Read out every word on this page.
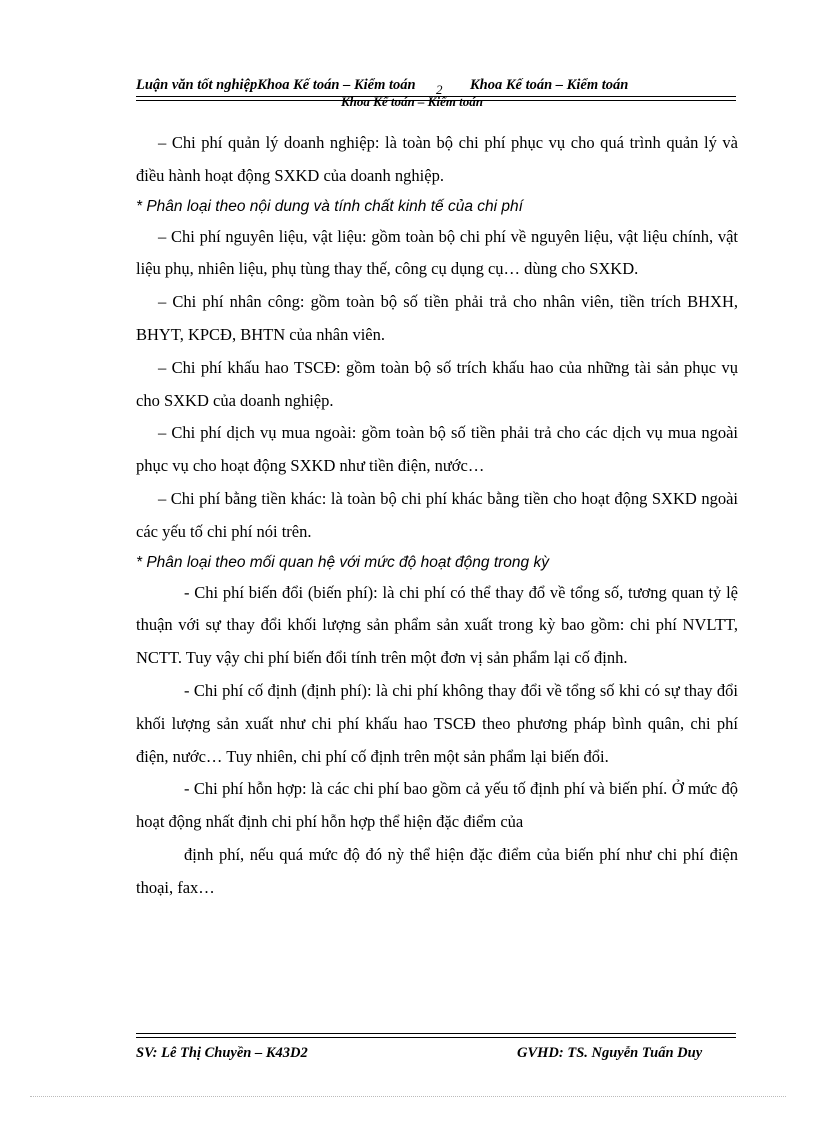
Luận văn tốt nghiệpKhoa Kế toán – Kiểm toán	Khoa Kế toán – Kiểm toán
2
Khoa Kế toán – Kiểm toán

– Chi phí quản lý doanh nghiệp: là toàn bộ chi phí phục vụ cho quá trình quản lý và điều hành hoạt động SXKD của doanh nghiệp.

* Phân loại theo nội dung và tính chất kinh tế của chi phí

– Chi phí nguyên liệu, vật liệu: gồm toàn bộ chi phí về nguyên liệu, vật liệu chính, vật liệu phụ, nhiên liệu, phụ tùng thay thế, công cụ dụng cụ… dùng cho SXKD.

– Chi phí nhân công: gồm toàn bộ số tiền phải trả cho nhân viên, tiền trích BHXH, BHYT, KPCĐ, BHTN của nhân viên.

– Chi phí khấu hao TSCĐ: gồm toàn bộ số trích khấu hao của những tài sản phục vụ cho SXKD của doanh nghiệp.

– Chi phí dịch vụ mua ngoài: gồm toàn bộ số tiền phải trả cho các dịch vụ mua ngoài phục vụ cho hoạt động SXKD như tiền điện, nước…

– Chi phí bằng tiền khác: là toàn bộ chi phí khác bằng tiền cho hoạt động SXKD ngoài các yếu tố chi phí nói trên.

* Phân loại theo mối quan hệ với mức độ hoạt động trong kỳ

- Chi phí biến đổi (biến phí): là chi phí có thể thay đổ về tổng số, tương quan tỷ lệ thuận với sự thay đổi khối lượng sản phẩm sản xuất trong kỳ bao gồm: chi phí NVLTT, NCTT. Tuy vậy chi phí biến đổi tính trên một đơn vị sản phẩm lại cố định.

- Chi phí cố định (định phí): là chi phí không thay đổi về tổng số khi có sự thay đổi khối lượng sản xuất như chi phí khấu hao TSCĐ theo phương pháp bình quân, chi phí điện, nước… Tuy nhiên, chi phí cố định trên một sản phẩm lại biến đổi.

- Chi phí hỗn hợp: là các chi phí bao gồm cả yếu tố định phí và biến phí. Ở mức độ hoạt động nhất định chi phí hỗn hợp thể hiện đặc điểm của

định phí, nếu quá mức độ đó nỳ thể hiện đặc điểm của biến phí như chi phí điện thoại, fax…

SV: Lê Thị Chuyền – K43D2	GVHD: TS. Nguyễn Tuấn Duy
